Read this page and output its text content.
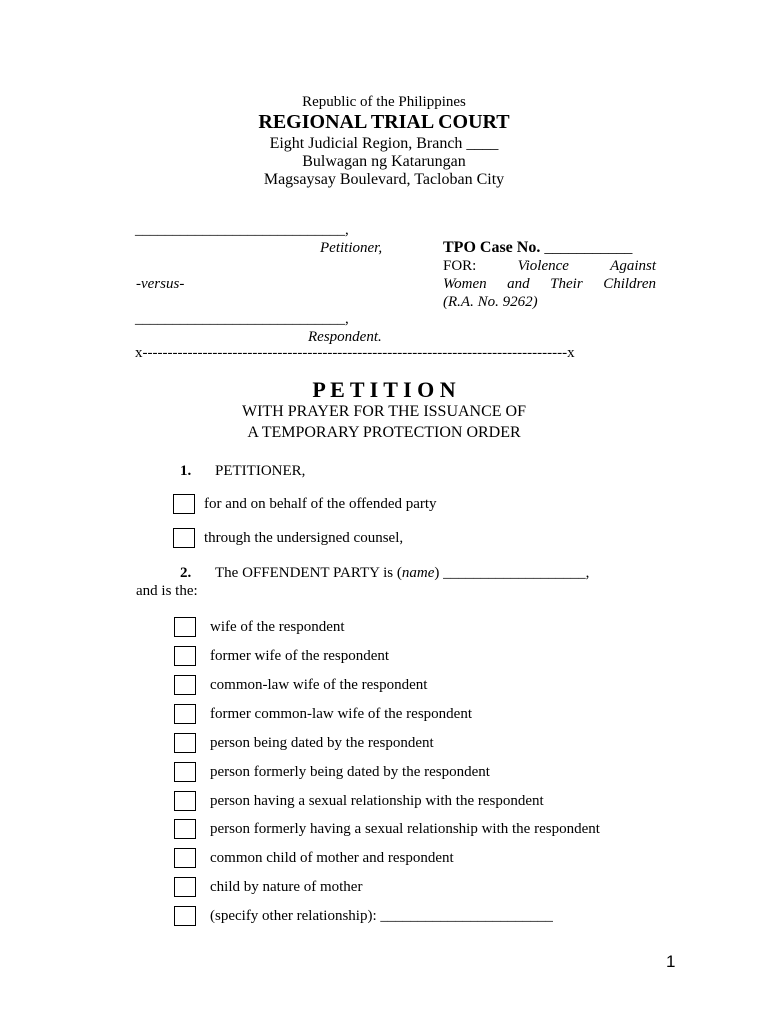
Republic of the Philippines
REGIONAL TRIAL COURT
Eight Judicial Region, Branch ____
Bulwagan ng Katarungan
Magsaysay Boulevard, Tacloban City
____________________________,
Petitioner,
-versus-
____________________________,
Respondent.
x-------------------------------------------------------------------------------------x
TPO Case No. ___________
FOR:	Violence	Against
Women and Their Children
(R.A. No. 9262)
P E T I T I O N
WITH PRAYER FOR THE ISSUANCE OF
A TEMPORARY PROTECTION ORDER
1. PETITIONER,
for and on behalf of the offended party
through the undersigned counsel,
2. The OFFENDENT PARTY is (name) ___________________,
and is the:
wife of the respondent
former wife of the respondent
common-law wife of the respondent
former common-law wife of the respondent
person being dated by the respondent
person formerly being dated by the respondent
person having a sexual relationship with the respondent
person formerly having a sexual relationship with the respondent
common child of mother and respondent
child by nature of mother
(specify other relationship): _______________________
1
